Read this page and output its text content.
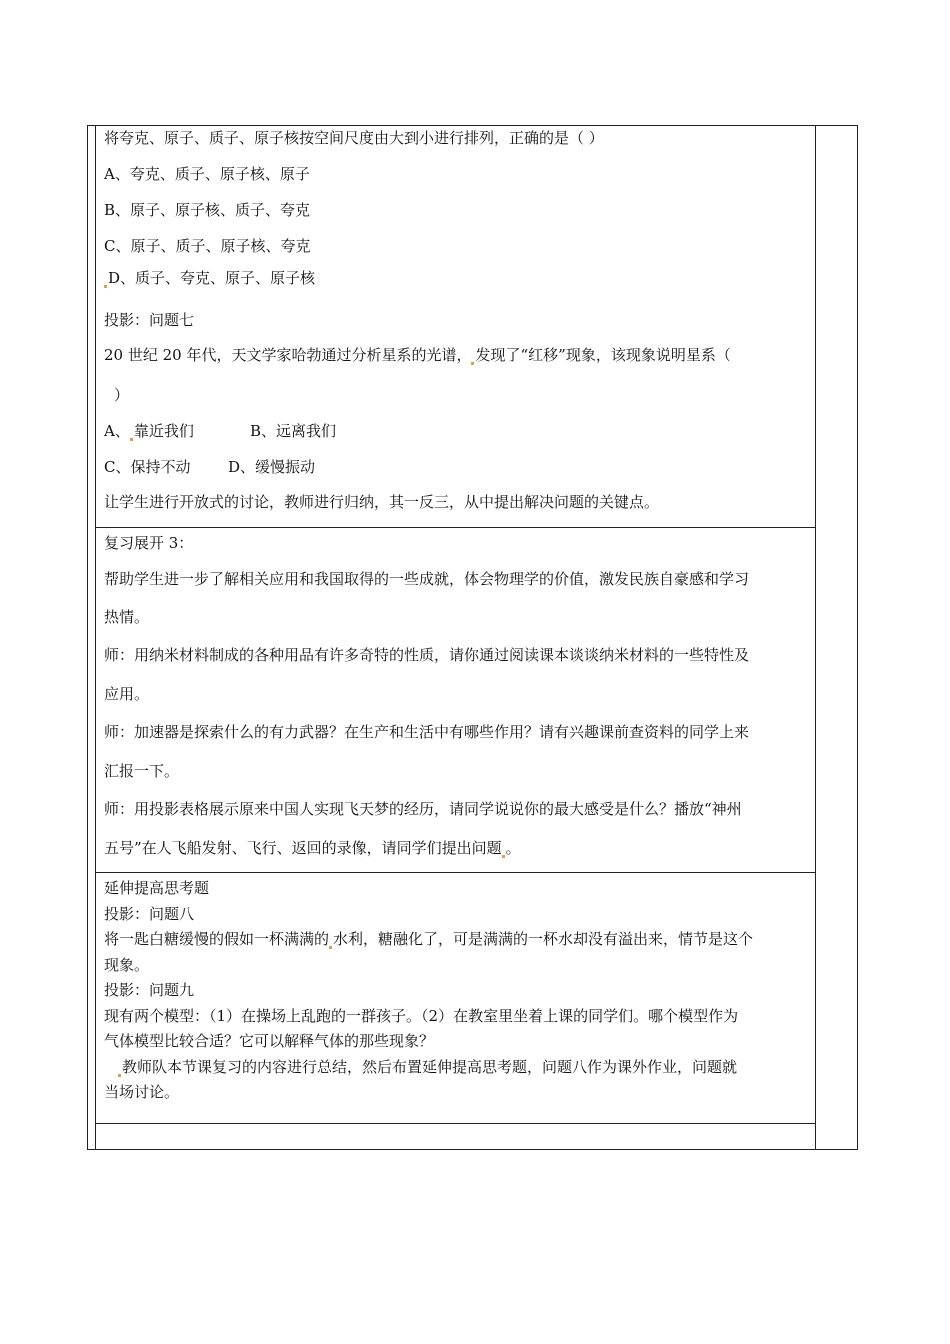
将夸克、原子、质子、原子核按空间尺度由大到小进行排列，正确的是（ ）
A、夸克、质子、原子核、原子
B、原子、原子核、质子、夸克
C、原子、质子、原子核、夸克
D、质子、夸克、原子、原子核
投影：问题七
20 世纪 20 年代，天文学家哈勃通过分析星系的光谱， 发现了“红移”现象，该现象说明星系（
）
A、 靠近我们	B、远离我们
C、保持不动	D、缓慢振动
让学生进行开放式的讨论，教师进行归纳，其一反三，从中提出解决问题的关键点。
复习展开 3：
帮助学生进一步了解相关应用和我国取得的一些成就，体会物理学的价值，激发民族自豪感和学习
热情。
师：用纳米材料制成的各种用品有许多奇特的性质，请你通过阅读课本谈谈纳米材料的一些特性及
应用。
师：加速器是探索什么的有力武器？在生产和生活中有哪些作用？请有兴趣课前查资料的同学上来
汇报一下。
师：用投影表格展示原来中国人实现飞天梦的经历，请同学说说你的最大感受是什么？播放“神州
五号”在人飞船发射、飞行、返回的录像，请同学们提出问题 。
延伸提高思考题
投影：问题八
将一匙白糖缓慢的假如一杯满满的 水利，糖融化了，可是满满的一杯水却没有溢出来，情节是这个
现象。
投影：问题九
现有两个模型：（1）在操场上乱跑的一群孩子。（2）在教室里坐着上课的同学们。哪个模型作为
气体模型比较合适？它可以解释气体的那些现象？
教师队本节课复习的内容进行总结，然后布置延伸提高思考题，问题八作为课外作业，问题就
当场讨论。
